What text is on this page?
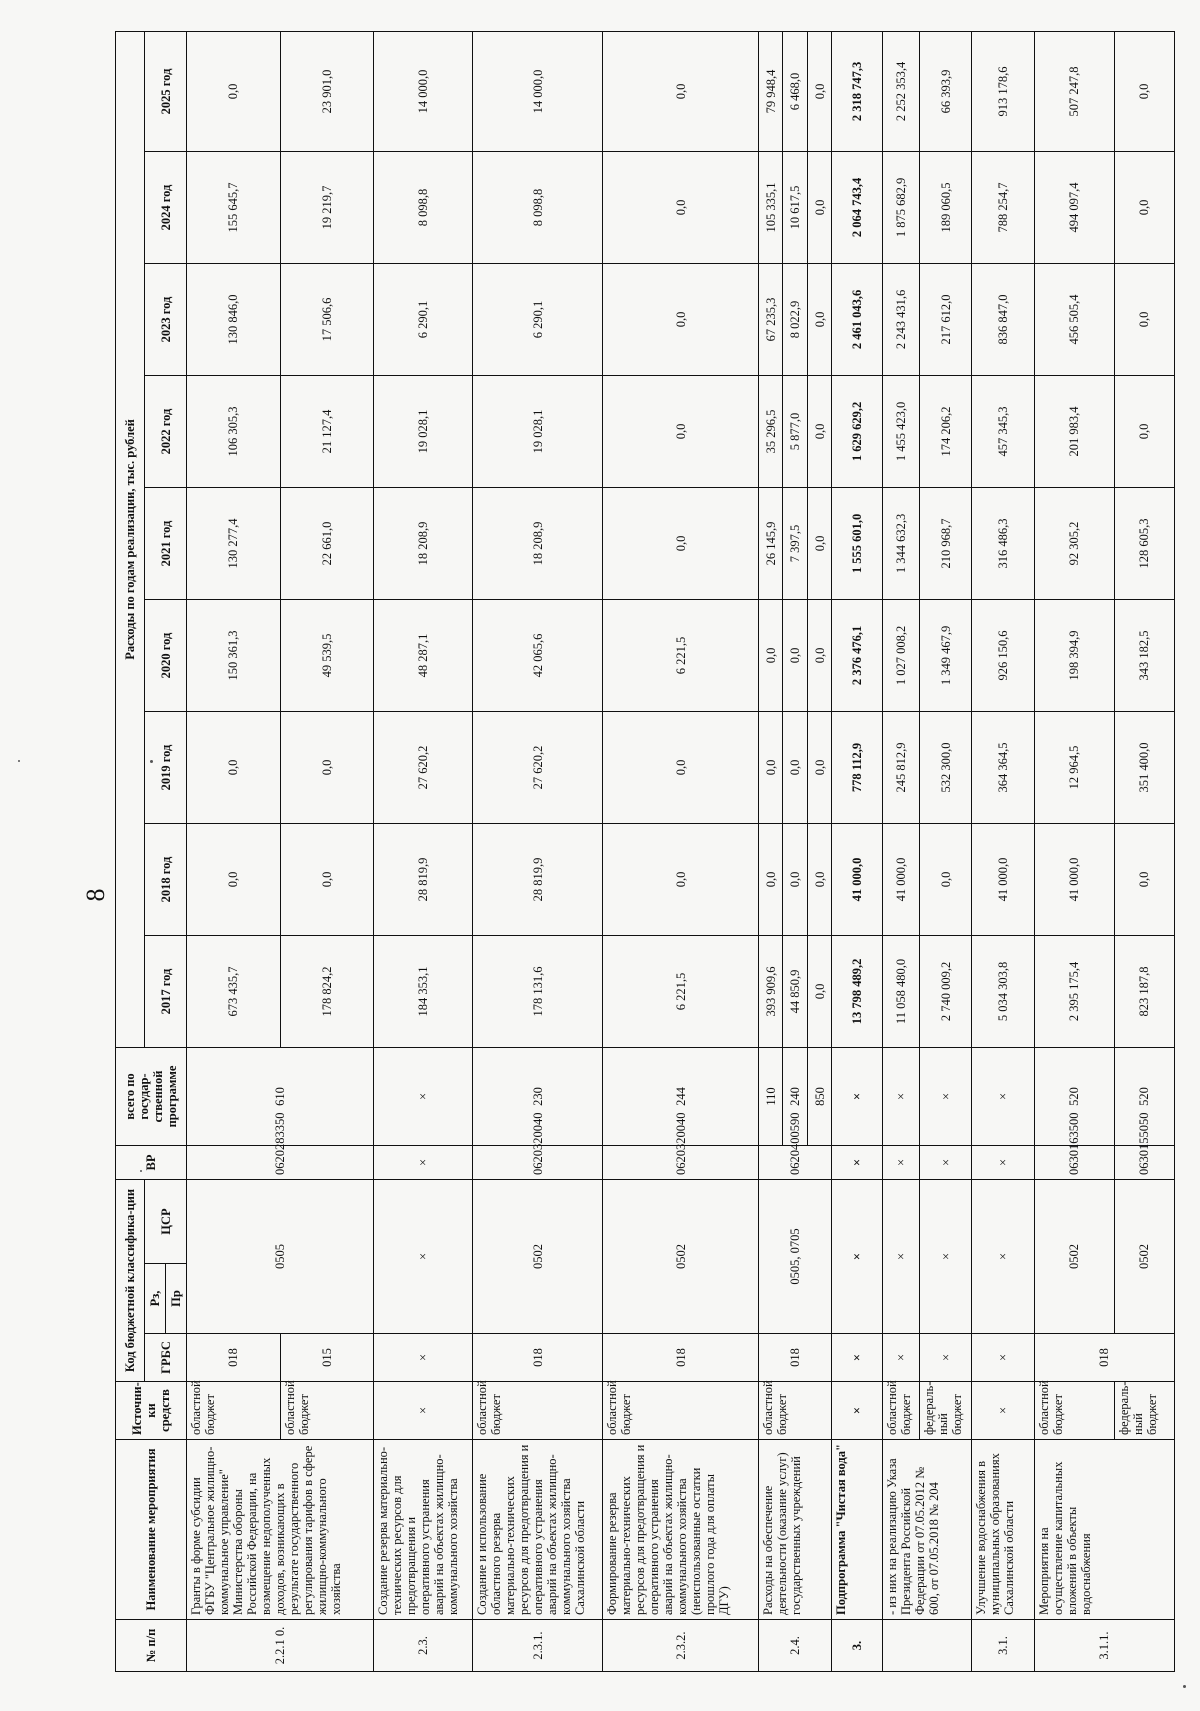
8
№ п/п	Наименование мероприятия	Источни-ки средств	Код бюджетной классифика-ции			ВР	всего по государ-ственной программе	Расходы по годам реализации, тыс. рублей									
			ГРБС	Рз,	ЦСР			2017 год	2018 год	2019 год	2020 год	2021 год	2022 год	2023 год	2024 год	2025 год	
				Пр													
2.2.1 0.	Гранты в форме субсидии ФГБУ "Центральное жилищно-коммунальное управление" Министерства обороны Российской Федерации, на возмещение недополученных доходов, возникающих в результате государственного регулирования тарифов в сфере жилищно-коммунального хозяйства	областной бюджет	018	0505		0620283350	610	673 435,7	0,0	0,0	150 361,3	130 277,4	106 305,3	130 846,0	155 645,7	0,0	
		областной бюджет	015					178 824,2	0,0	0,0	49 539,5	22 661,0	21 127,4	17 506,6	19 219,7	23 901,0	
2.3.	Создание резерва материально-технических ресурсов для предотвращения и оперативного устранения аварий на объектах жилищно-коммунального хозяйства	×	×	×		×	×	184 353,1	28 819,9	27 620,2	48 287,1	18 208,9	19 028,1	6 290,1	8 098,8	14 000,0	
2.3.1.	Создание и использование областного резерва материально-технических ресурсов для предотвращения и оперативного устранения аварий на объектах жилищно-коммунального хозяйства Сахалинской области	областной бюджет	018	0502		0620320040	230	178 131,6	28 819,9	27 620,2	42 065,6	18 208,9	19 028,1	6 290,1	8 098,8	14 000,0	
2.3.2.	Формирование резерва материально-технических ресурсов для предотвращения и оперативного устранения аварий на объектах жилищно-коммунального хозяйства (неиспользованные остатки прошлого года для оплаты ДГУ)	областной бюджет	018	0502		0620320040	244	6 221,5	0,0	0,0	6 221,5	0,0	0,0	0,0	0,0	0,0	
2.4.	Расходы на обеспечение деятельности (оказание услуг) государственных учреждений	областной бюджет	018	0505, 0705		0620400590	110	393 909,6	0,0	0,0	0,0	26 145,9	35 296,5	67 235,3	105 335,1	79 948,4	
							240	44 850,9	0,0	0,0	0,0	7 397,5	5 877,0	8 022,9	10 617,5	6 468,0	
							850	0,0	0,0	0,0	0,0	0,0	0,0	0,0	0,0	0,0	
3.	Подпрограмма "Чистая вода"	×	×	×		×	×	13 798 489,2	41 000,0	778 112,9	2 376 476,1	1 555 601,0	1 629 629,2	2 461 043,6	2 064 743,4	2 318 747,3	
	- из них на реализацию Указа Президента Российской Федерации от 07.05.2012 № 600, от 07.05.2018 № 204	областной бюджет	×	×		×	×	11 058 480,0	41 000,0	245 812,9	1 027 008,2	1 344 632,3	1 455 423,0	2 243 431,6	1 875 682,9	2 252 353,4	
		федераль-ный бюджет	×	×		×	×	2 740 009,2	0,0	532 300,0	1 349 467,9	210 968,7	174 206,2	217 612,0	189 060,5	66 393,9	
3.1.	Улучшение водоснабжения в муниципальных образованиях Сахалинской области	×	×	×		×	×	5 034 303,8	41 000,0	364 364,5	926 150,6	316 486,3	457 345,3	836 847,0	788 254,7	913 178,6	
3.1.1.	Мероприятия на осуществление капитальных вложений в объекты водоснабжения	областной бюджет	018	0502		0630163500	520	2 395 175,4	41 000,0	12 964,5	198 394,9	92 305,2	201 983,4	456 505,4	494 097,4	507 247,8	
		федераль-ный бюджет		0502		0630155050	520	823 187,8	0,0	351 400,0	343 182,5	128 605,3	0,0	0,0	0,0	0,0	
